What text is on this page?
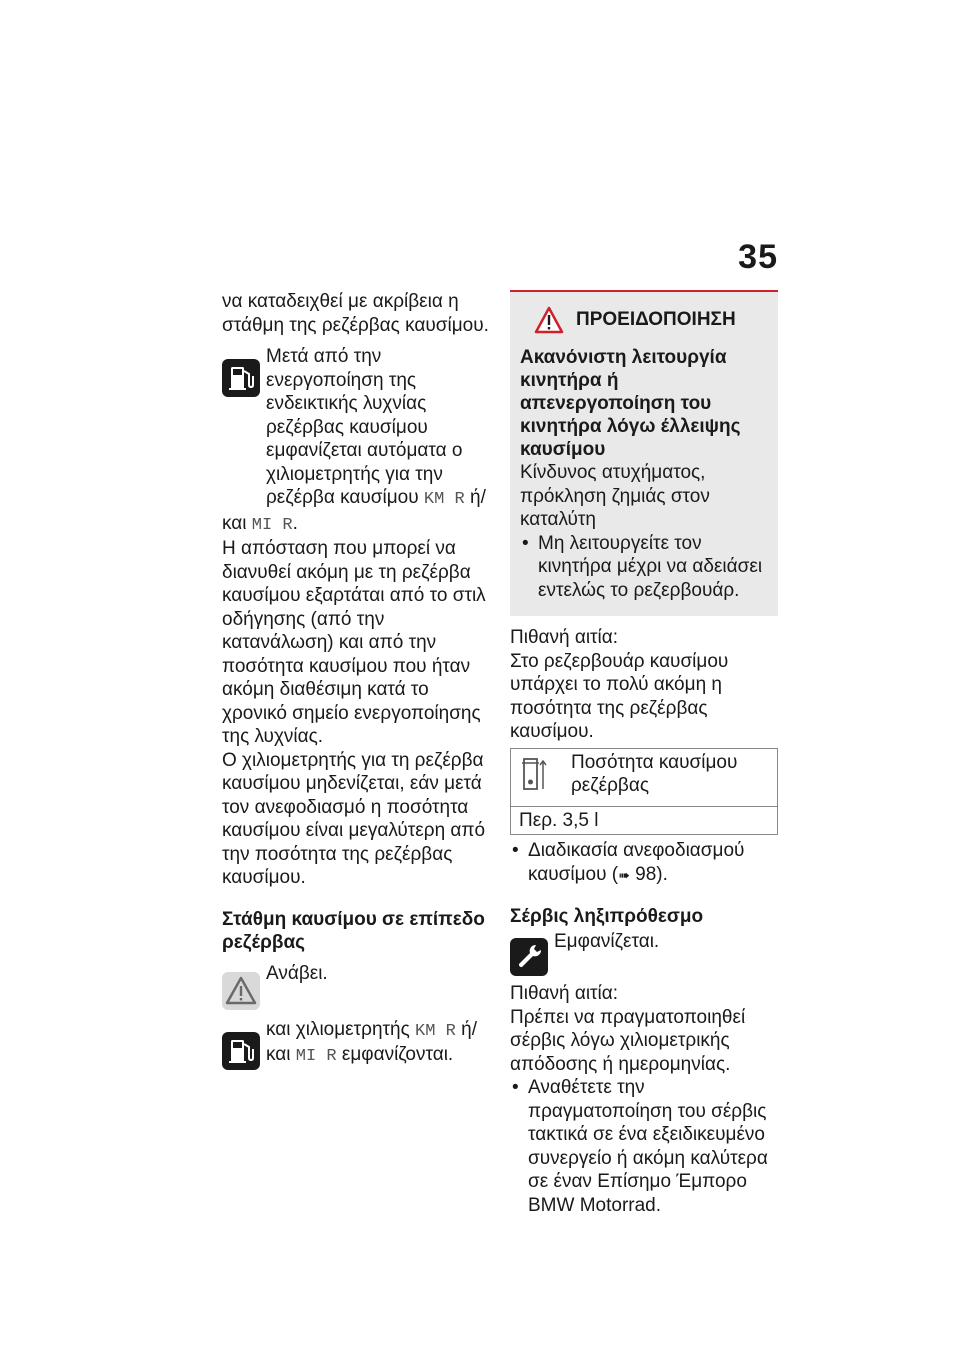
35

να καταδειχθεί με ακρίβεια η στάθμη της ρεζέρβας καυσίμου.

Μετά από την ενεργοποίηση της ενδεικτικής λυχνίας ρεζέρβας καυσίμου εμφανίζεται αυτόματα ο χιλιομετρητής για την ρεζέρβα καυσίμου KM R ή/

και MI R.

Η απόσταση που μπορεί να διανυθεί ακόμη με τη ρεζέρβα καυσίμου εξαρτάται από το στιλ οδήγησης (από την κατανάλωση) και από την ποσότητα καυσίμου που ήταν ακόμη διαθέσιμη κατά το χρονικό σημείο ενεργοποίησης της λυχνίας.

Ο χιλιομετρητής για τη ρεζέρβα καυσίμου μηδενίζεται, εάν μετά τον ανεφοδιασμό η ποσότητα καυσίμου είναι μεγαλύτερη από την ποσότητα της ρεζέρβας καυσίμου.

Στάθμη καυσίμου σε επίπεδο ρεζέρβας
Ανάβει.
και χιλιομετρητής KM R ή/
και MI R εμφανίζονται.
ΠΡΟΕΙΔΟΠΟΙΗΣΗ
Ακανόνιστη λειτουργία κινητήρα ή απενεργοποίηση του κινητήρα λόγω έλλειψης καυσίμου

Κίνδυνος ατυχήματος, πρόκληση ζημιάς στον καταλύτη

• Μη λειτουργείτε τον κινητήρα μέχρι να αδειάσει εντελώς το ρεζερβουάρ.

Πιθανή αιτία:

Στο ρεζερβουάρ καυσίμου υπάρχει το πολύ ακόμη η ποσότητα της ρεζέρβας καυσίμου.

Ποσότητα καυσίμου ρεζέρβας
Περ. 3,5 l

• Διαδικασία ανεφοδιασμού καυσίμου (➠ 98).

Σέρβις ληξιπρόθεσμο
Εμφανίζεται.

Πιθανή αιτία:

Πρέπει να πραγματοποιηθεί σέρβις λόγω χιλιομετρικής απόδοσης ή ημερομηνίας.

• Αναθέτετε την πραγματοποίηση του σέρβις τακτικά σε ένα εξειδικευμένο συνεργείο ή ακόμη καλύτερα σε έναν Επίσημο Έμπορο BMW Motorrad.
